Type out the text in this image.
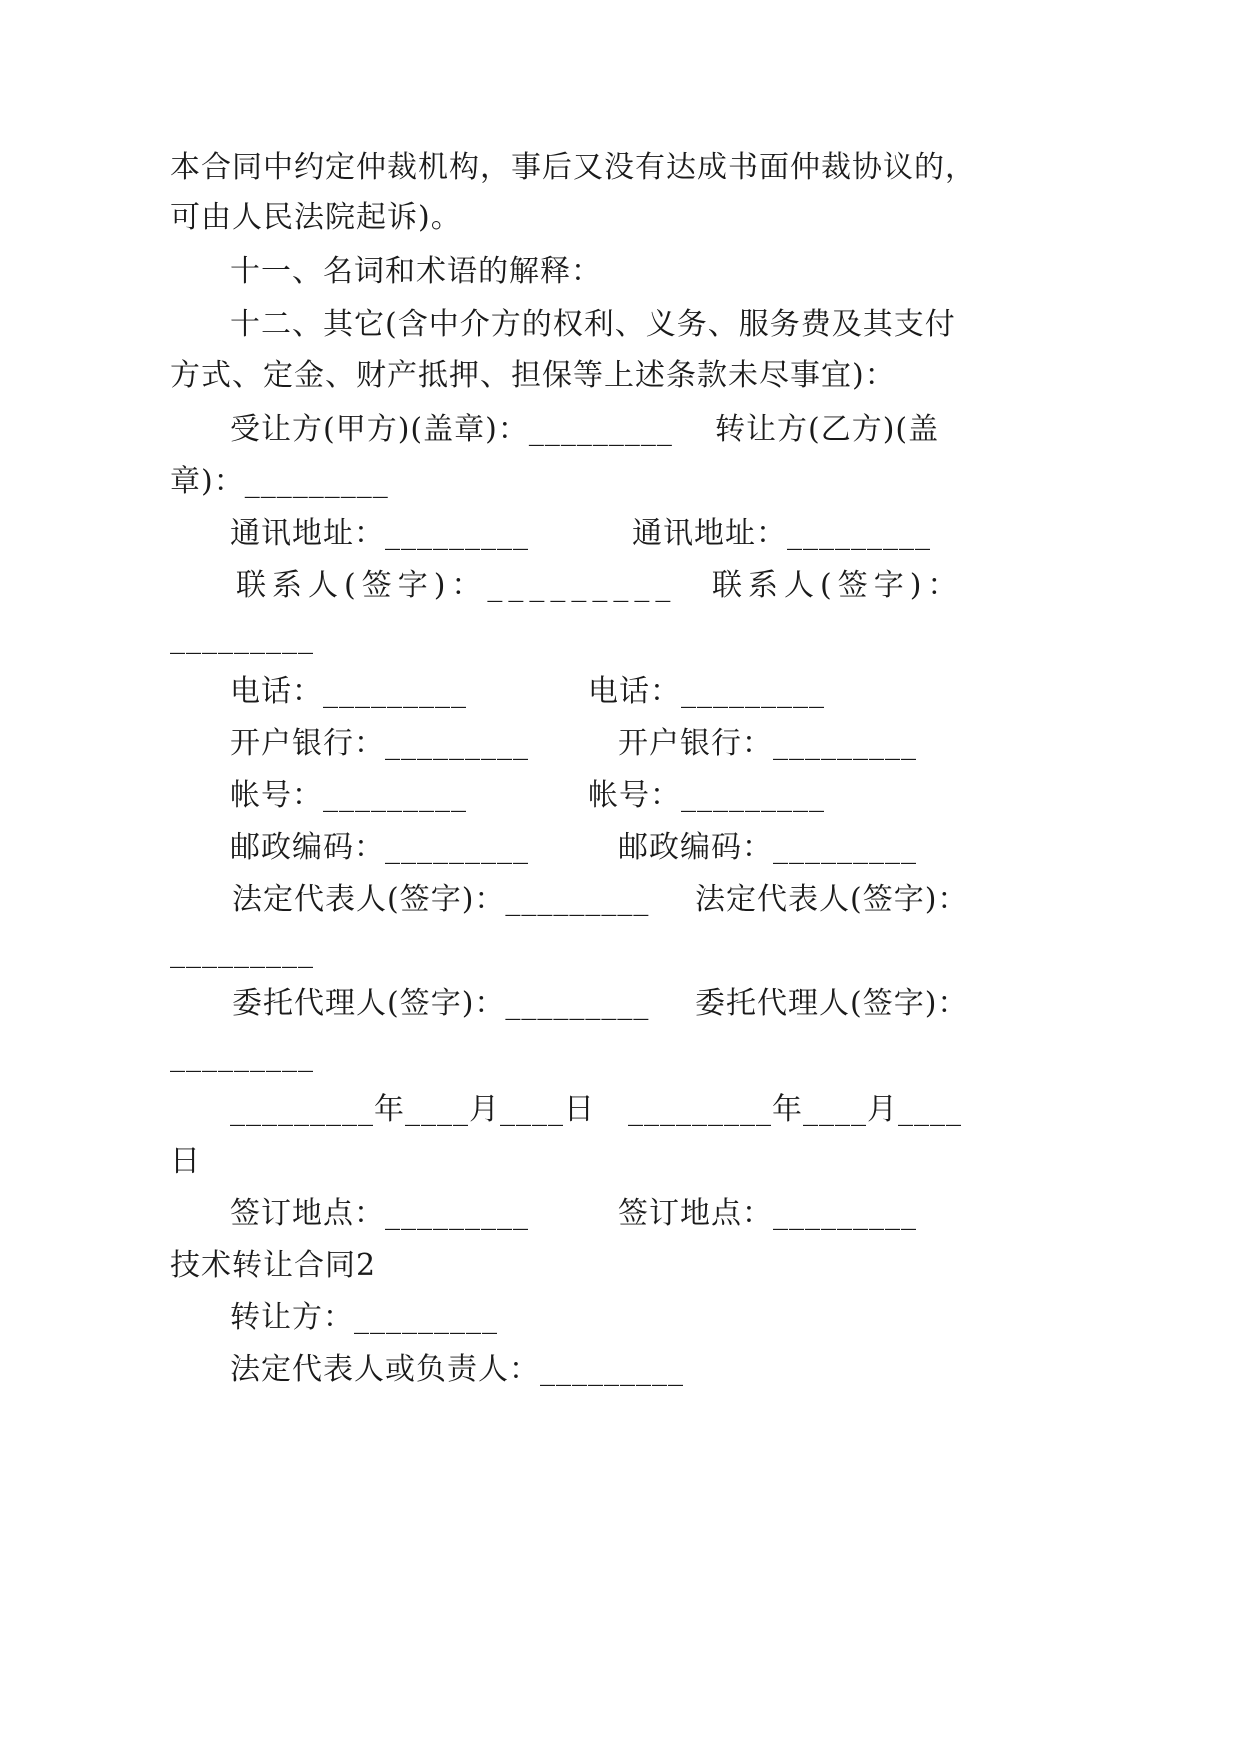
本合同中约定仲裁机构，事后又没有达成书面仲裁协议的，
可由人民法院起诉)。
十一、名词和术语的解释：
十二、其它(含中介方的权利、义务、服务费及其支付
方式、定金、财产抵押、担保等上述条款未尽事宜)：
受让方(甲方)(盖章)：_________ 转让方(乙方)(盖
章)：_________
通讯地址：_________	通讯地址：_________
联系人(签字)：_________ 联系人(签字)：
_________
电话：_________	电话：_________
开户银行：_________	开户银行：_________
帐号：_________	帐号：_________
邮政编码：_________	邮政编码：_________
法定代表人(签字)：_________ 法定代表人(签字)：
_________
委托代理人(签字)：_________ 委托代理人(签字)：
_________
_________年____月____日 _________年____月____
日
签订地点：_________	签订地点：_________
技术转让合同2
转让方：_________
法定代表人或负责人：_________
